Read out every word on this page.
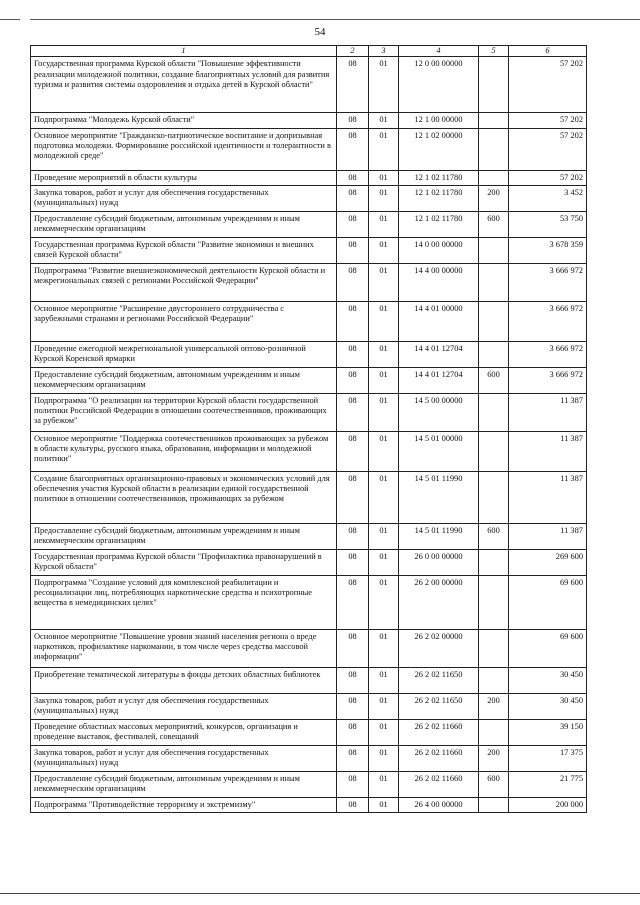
54
1	2	3	4	5	6
Государственная программа Курской области "Повышение эффективности реализации молодежной политики, создание благоприятных условий для развития туризма и развития системы оздоровления и отдыха детей в Курской области"	08	01	12 0 00 00000		57 202
Подпрограмма "Молодежь Курской области"	08	01	12 1 00 00000		57 202
Основное мероприятие "Гражданско-патриотическое воспитание и допризывная подготовка молодежи. Формирование российской идентичности и толерантности в молодежной среде"	08	01	12 1 02 00000		57 202
Проведение мероприятий в области культуры	08	01	12 1 02 11780		57 202
Закупка товаров, работ и услуг для обеспечения государственных (муниципальных) нужд	08	01	12 1 02 11780	200	3 452
Предоставление субсидий бюджетным, автономным учреждениям и иным некоммерческим организациям	08	01	12 1 02 11780	600	53 750
Государственная программа Курской области "Развитие экономики и внешних связей Курской области"	08	01	14 0 00 00000		3 678 359
Подпрограмма "Развитие внешнеэкономической деятельности Курской области и межрегиональных связей с регионами Российской Федерации"	08	01	14 4 00 00000		3 666 972
Основное мероприятие "Расширение двустороннего сотрудничества с зарубежными странами и регионами Российской Федерации"	08	01	14 4 01 00000		3 666 972
Проведение ежегодной межрегиональной универсальной оптово-розничной Курской Коренской ярмарки	08	01	14 4 01 12704		3 666 972
Предоставление субсидий бюджетным, автономным учреждениям и иным некоммерческим организациям	08	01	14 4 01 12704	600	3 666 972
Подпрограмма "О реализации на территории Курской области государственной политики Российской Федерации в отношении соотечественников, проживающих за рубежом"	08	01	14 5 00 00000		11 387
Основное мероприятие "Поддержка соотечественников проживающих за рубежом в области культуры, русского языка, образования, информации и молодежной политики"	08	01	14 5 01 00000		11 387
Создание благоприятных организационно-правовых и экономических условий для обеспечения участия Курской области в реализации единой государственной политики в отношении соотечественников, проживающих за рубежом	08	01	14 5 01 11990		11 387
Предоставление субсидий бюджетным, автономным учреждениям и иным некоммерческим организациям	08	01	14 5 01 11990	600	11 387
Государственная программа Курской области "Профилактика правонарушений в Курской области"	08	01	26 0 00 00000		269 600
Подпрограмма "Создание условий для комплексной реабилитации и ресоциализации лиц, потребляющих наркотические средства и психотропные вещества в немедицинских целях"	08	01	26 2 00 00000		69 600
Основное мероприятие "Повышение уровня знаний населения региона о вреде наркотиков, профилактике наркомании, в том числе через средства массовой информации"	08	01	26 2 02 00000		69 600
Приобретение тематической литературы в фонды детских областных библиотек	08	01	26 2 02 11650		30 450
Закупка товаров, работ и услуг для обеспечения государственных (муниципальных) нужд	08	01	26 2 02 11650	200	30 450
Проведение областных массовых мероприятий, конкурсов, организация и проведение выставок, фестивалей, совещаний	08	01	26 2 02 11660		39 150
Закупка товаров, работ и услуг для обеспечения государственных (муниципальных) нужд	08	01	26 2 02 11660	200	17 375
Предоставление субсидий бюджетным, автономным учреждениям и иным некоммерческим организациям	08	01	26 2 02 11660	600	21 775
Подпрограмма "Противодействие терроризму и экстремизму"	08	01	26 4 00 00000		200 000
